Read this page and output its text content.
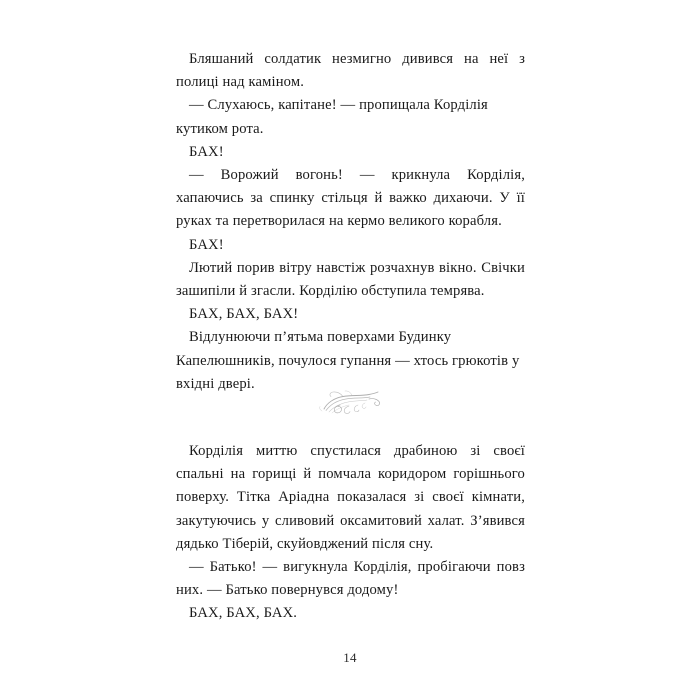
Бляшаний солдатик незмигно дивився на неї з полиці над каміном.

— Слухаюсь, капітане! — пропищала Корділія кутиком рота.

БАХ!

— Ворожий вогонь! — крикнула Корділія, хапаючись за спинку стільця й важко дихаючи. У її руках та перетворилася на кермо великого корабля.

БАХ!

Лютий порив вітру навстіж розчахнув вікно. Свічки зашипіли й згасли. Корділію обступила темрява.

БАХ, БАХ, БАХ!

Відлунюючи п’ятьма поверхами Будинку Капелюшників, почулося гупання — хтось грюкотів у вхідні двері.

Корділія миттю спустилася драбиною зі своєї спальні на горищі й помчала коридором горішнього поверху. Тітка Аріадна показалася зі своєї кімнати, закутуючись у сливовий оксамитовий халат. З’явився дядько Тіберій, скуйовджений після сну.

— Батько! — вигукнула Корділія, пробігаючи повз них. — Батько повернувся додому!

БАХ, БАХ, БАХ.

14
